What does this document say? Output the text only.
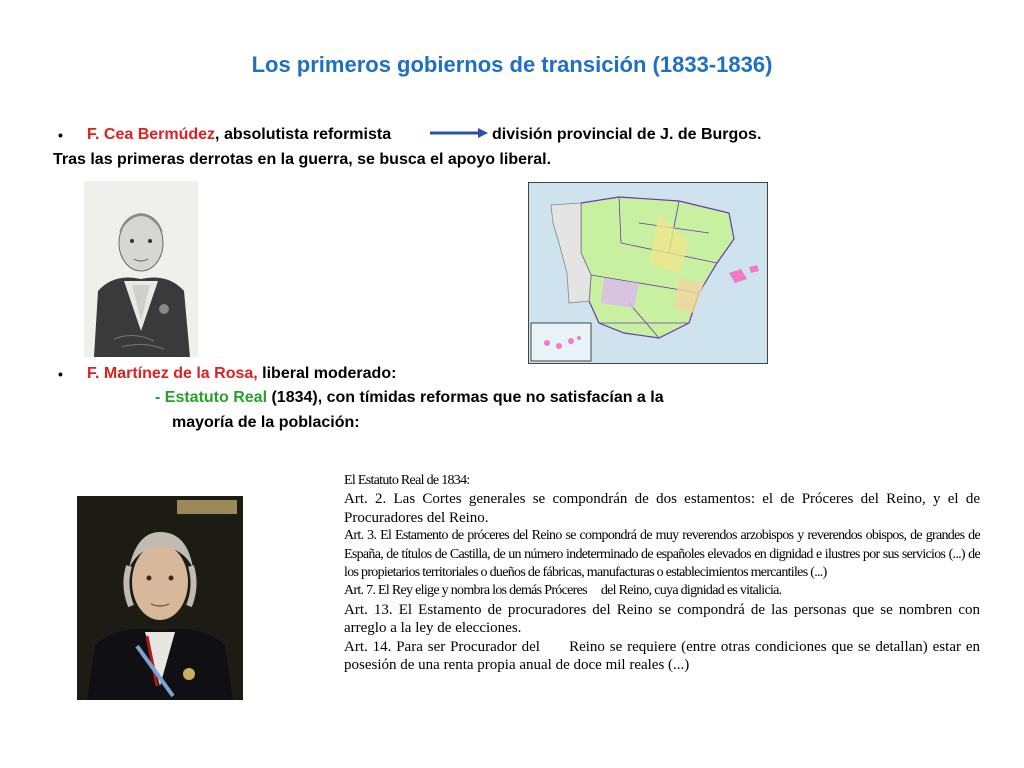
Los primeros gobiernos de transición (1833-1836)
• F. Cea Bermúdez, absolutista reformista	división provincial de J. de Burgos.
Tras las primeras derrotas en la guerra, se busca el apoyo liberal.
• F. Martínez de la Rosa, liberal moderado:
- Estatuto Real (1834), con tímidas reformas que no satisfacían a la
mayoría de la población:

El Estatuto Real de 1834:

Art. 2. Las Cortes generales se compondrán de dos estamentos: el de Próceres del Reino, y el de Procuradores del Reino.

Art. 3. El Estamento de próceres del Reino se compondrá de muy reverendos arzobispos y reverendos obispos, de grandes de España, de títulos de Castilla, de un número indeterminado de españoles elevados en dignidad e ilustres por sus servicios (...) de los propietarios territoriales o dueños de fábricas, manufacturas o establecimientos mercantiles (...)

Art. 7. El Rey elige y nombra los demás Próceres del Reino, cuya dignidad es vitalicia.

Art. 13. El Estamento de procuradores del Reino se compondrá de las personas que se nombren con arreglo a la ley de elecciones.

Art. 14. Para ser Procurador del Reino se requiere (entre otras condiciones que se detallan) estar en posesión de una renta propia anual de doce mil reales (...)
